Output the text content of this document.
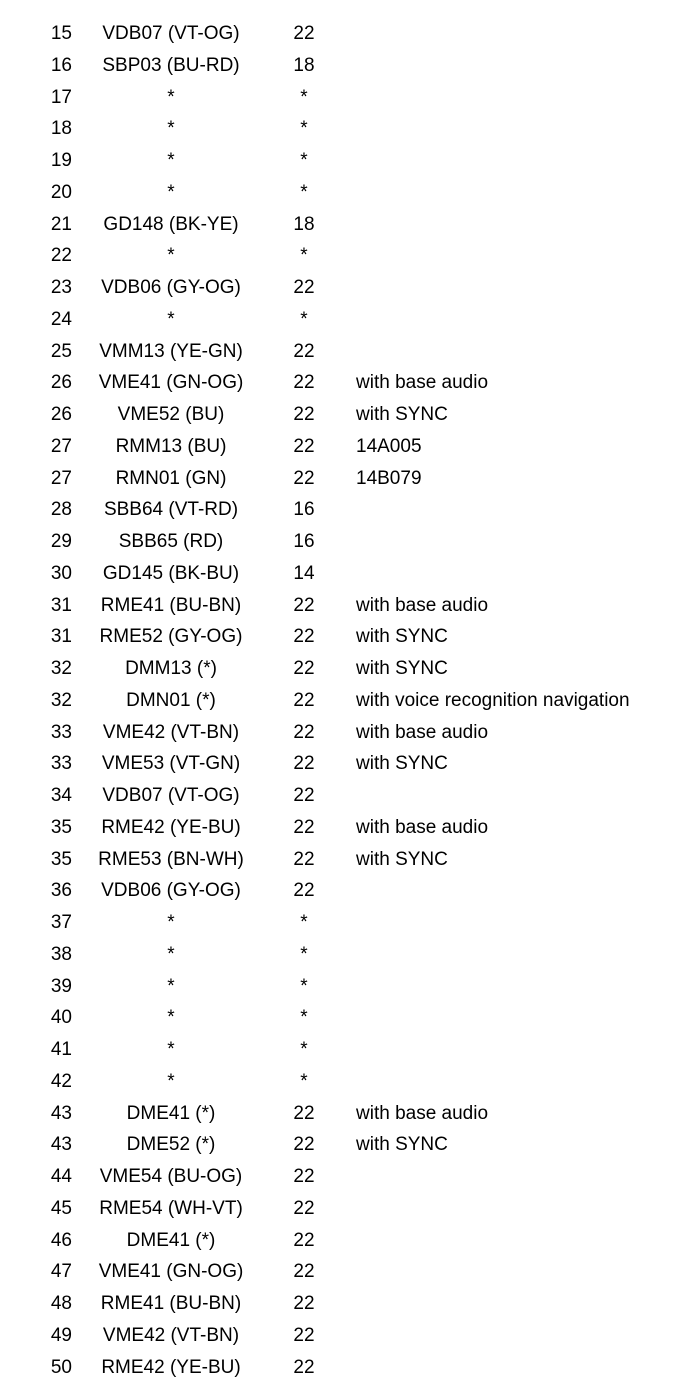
15	VDB07 (VT-OG)	22
16	SBP03 (BU-RD)	18
17	*	*
18	*	*
19	*	*
20	*	*
21	GD148 (BK-YE)	18
22	*	*
23	VDB06 (GY-OG)	22
24	*	*
25	VMM13 (YE-GN)	22
26	VME41 (GN-OG)	22	with base audio
26	VME52 (BU)	22	with SYNC
27	RMM13 (BU)	22	14A005
27	RMN01 (GN)	22	14B079
28	SBB64 (VT-RD)	16
29	SBB65 (RD)	16
30	GD145 (BK-BU)	14
31	RME41 (BU-BN)	22	with base audio
31	RME52 (GY-OG)	22	with SYNC
32	DMM13 (*)	22	with SYNC
32	DMN01 (*)	22	with voice recognition navigation
33	VME42 (VT-BN)	22	with base audio
33	VME53 (VT-GN)	22	with SYNC
34	VDB07 (VT-OG)	22
35	RME42 (YE-BU)	22	with base audio
35	RME53 (BN-WH)	22	with SYNC
36	VDB06 (GY-OG)	22
37	*	*
38	*	*
39	*	*
40	*	*
41	*	*
42	*	*
43	DME41 (*)	22	with base audio
43	DME52 (*)	22	with SYNC
44	VME54 (BU-OG)	22
45	RME54 (WH-VT)	22
46	DME41 (*)	22
47	VME41 (GN-OG)	22
48	RME41 (BU-BN)	22
49	VME42 (VT-BN)	22
50	RME42 (YE-BU)	22
